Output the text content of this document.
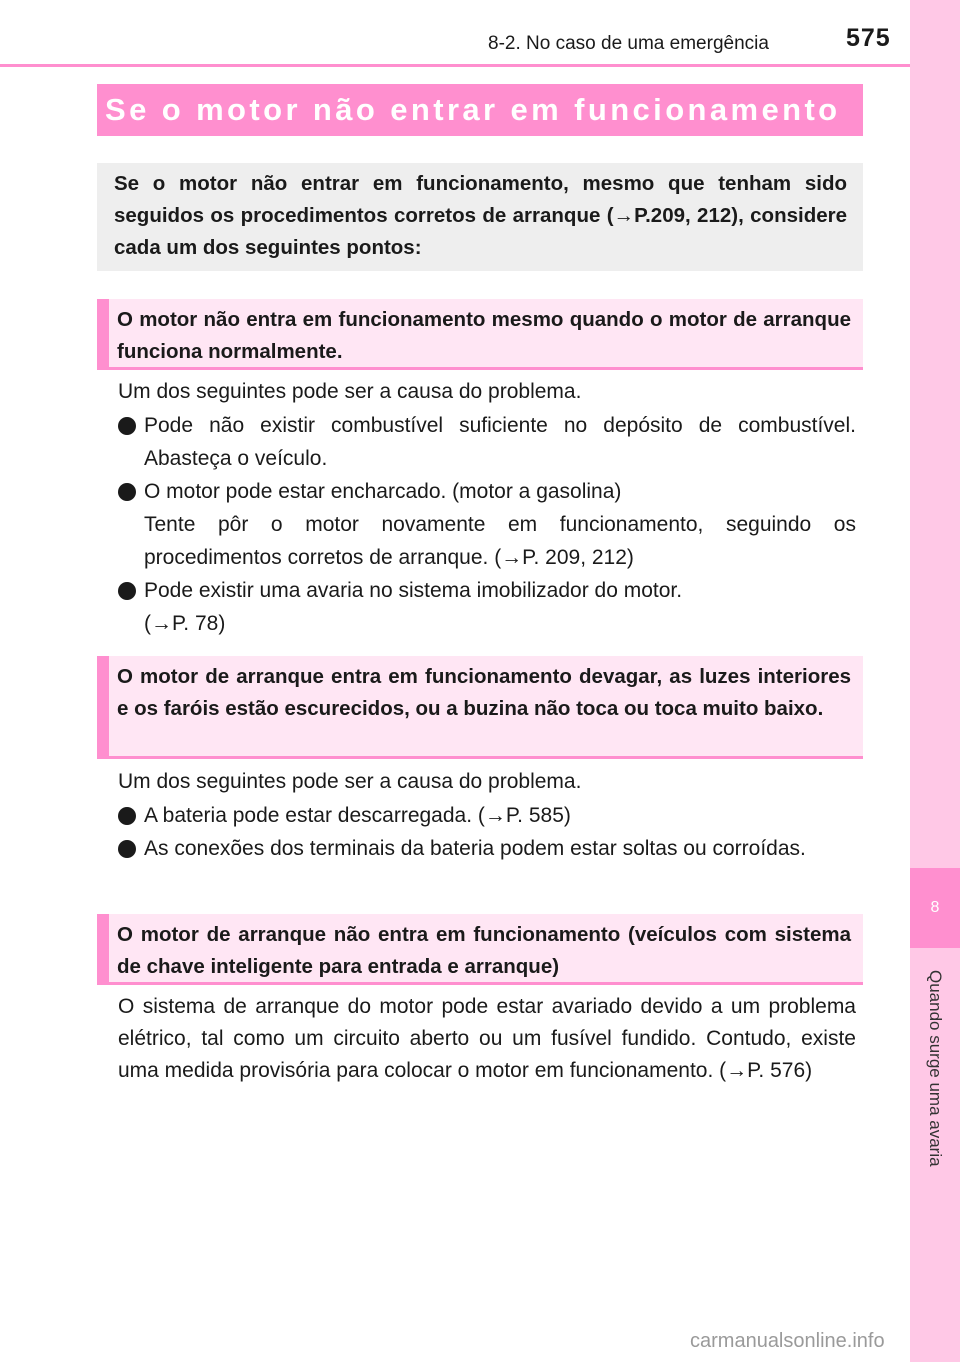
8
Quando surge uma avaria
8-2. No caso de uma emergência	575
Se o motor não entrar em funcionamento
Se o motor não entrar em funcionamento, mesmo que tenham sido seguidos os procedimentos corretos de arranque (→P.209, 212), considere cada um dos seguintes pontos:
O motor não entra em funcionamento mesmo quando o motor de arranque funciona normalmente.
Um dos seguintes pode ser a causa do problema.
Pode não existir combustível suficiente no depósito de combustível. Abasteça o veículo.
O motor pode estar encharcado. (motor a gasolina)
Tente pôr o motor novamente em funcionamento, seguindo os procedimentos corretos de arranque. (→P. 209, 212)
Pode existir uma avaria no sistema imobilizador do motor.
(→P. 78)
O motor de arranque entra em funcionamento devagar, as luzes interiores e os faróis estão escurecidos, ou a buzina não toca ou toca muito baixo.
Um dos seguintes pode ser a causa do problema.
A bateria pode estar descarregada. (→P. 585)
As conexões dos terminais da bateria podem estar soltas ou corroídas.
O motor de arranque não entra em funcionamento (veículos com sistema de chave inteligente para entrada e arranque)
O sistema de arranque do motor pode estar avariado devido a um problema elétrico, tal como um circuito aberto ou um fusível fundido. Contudo, existe uma medida provisória para colocar o motor em funcionamento. (→P. 576)
carmanualsonline.info
